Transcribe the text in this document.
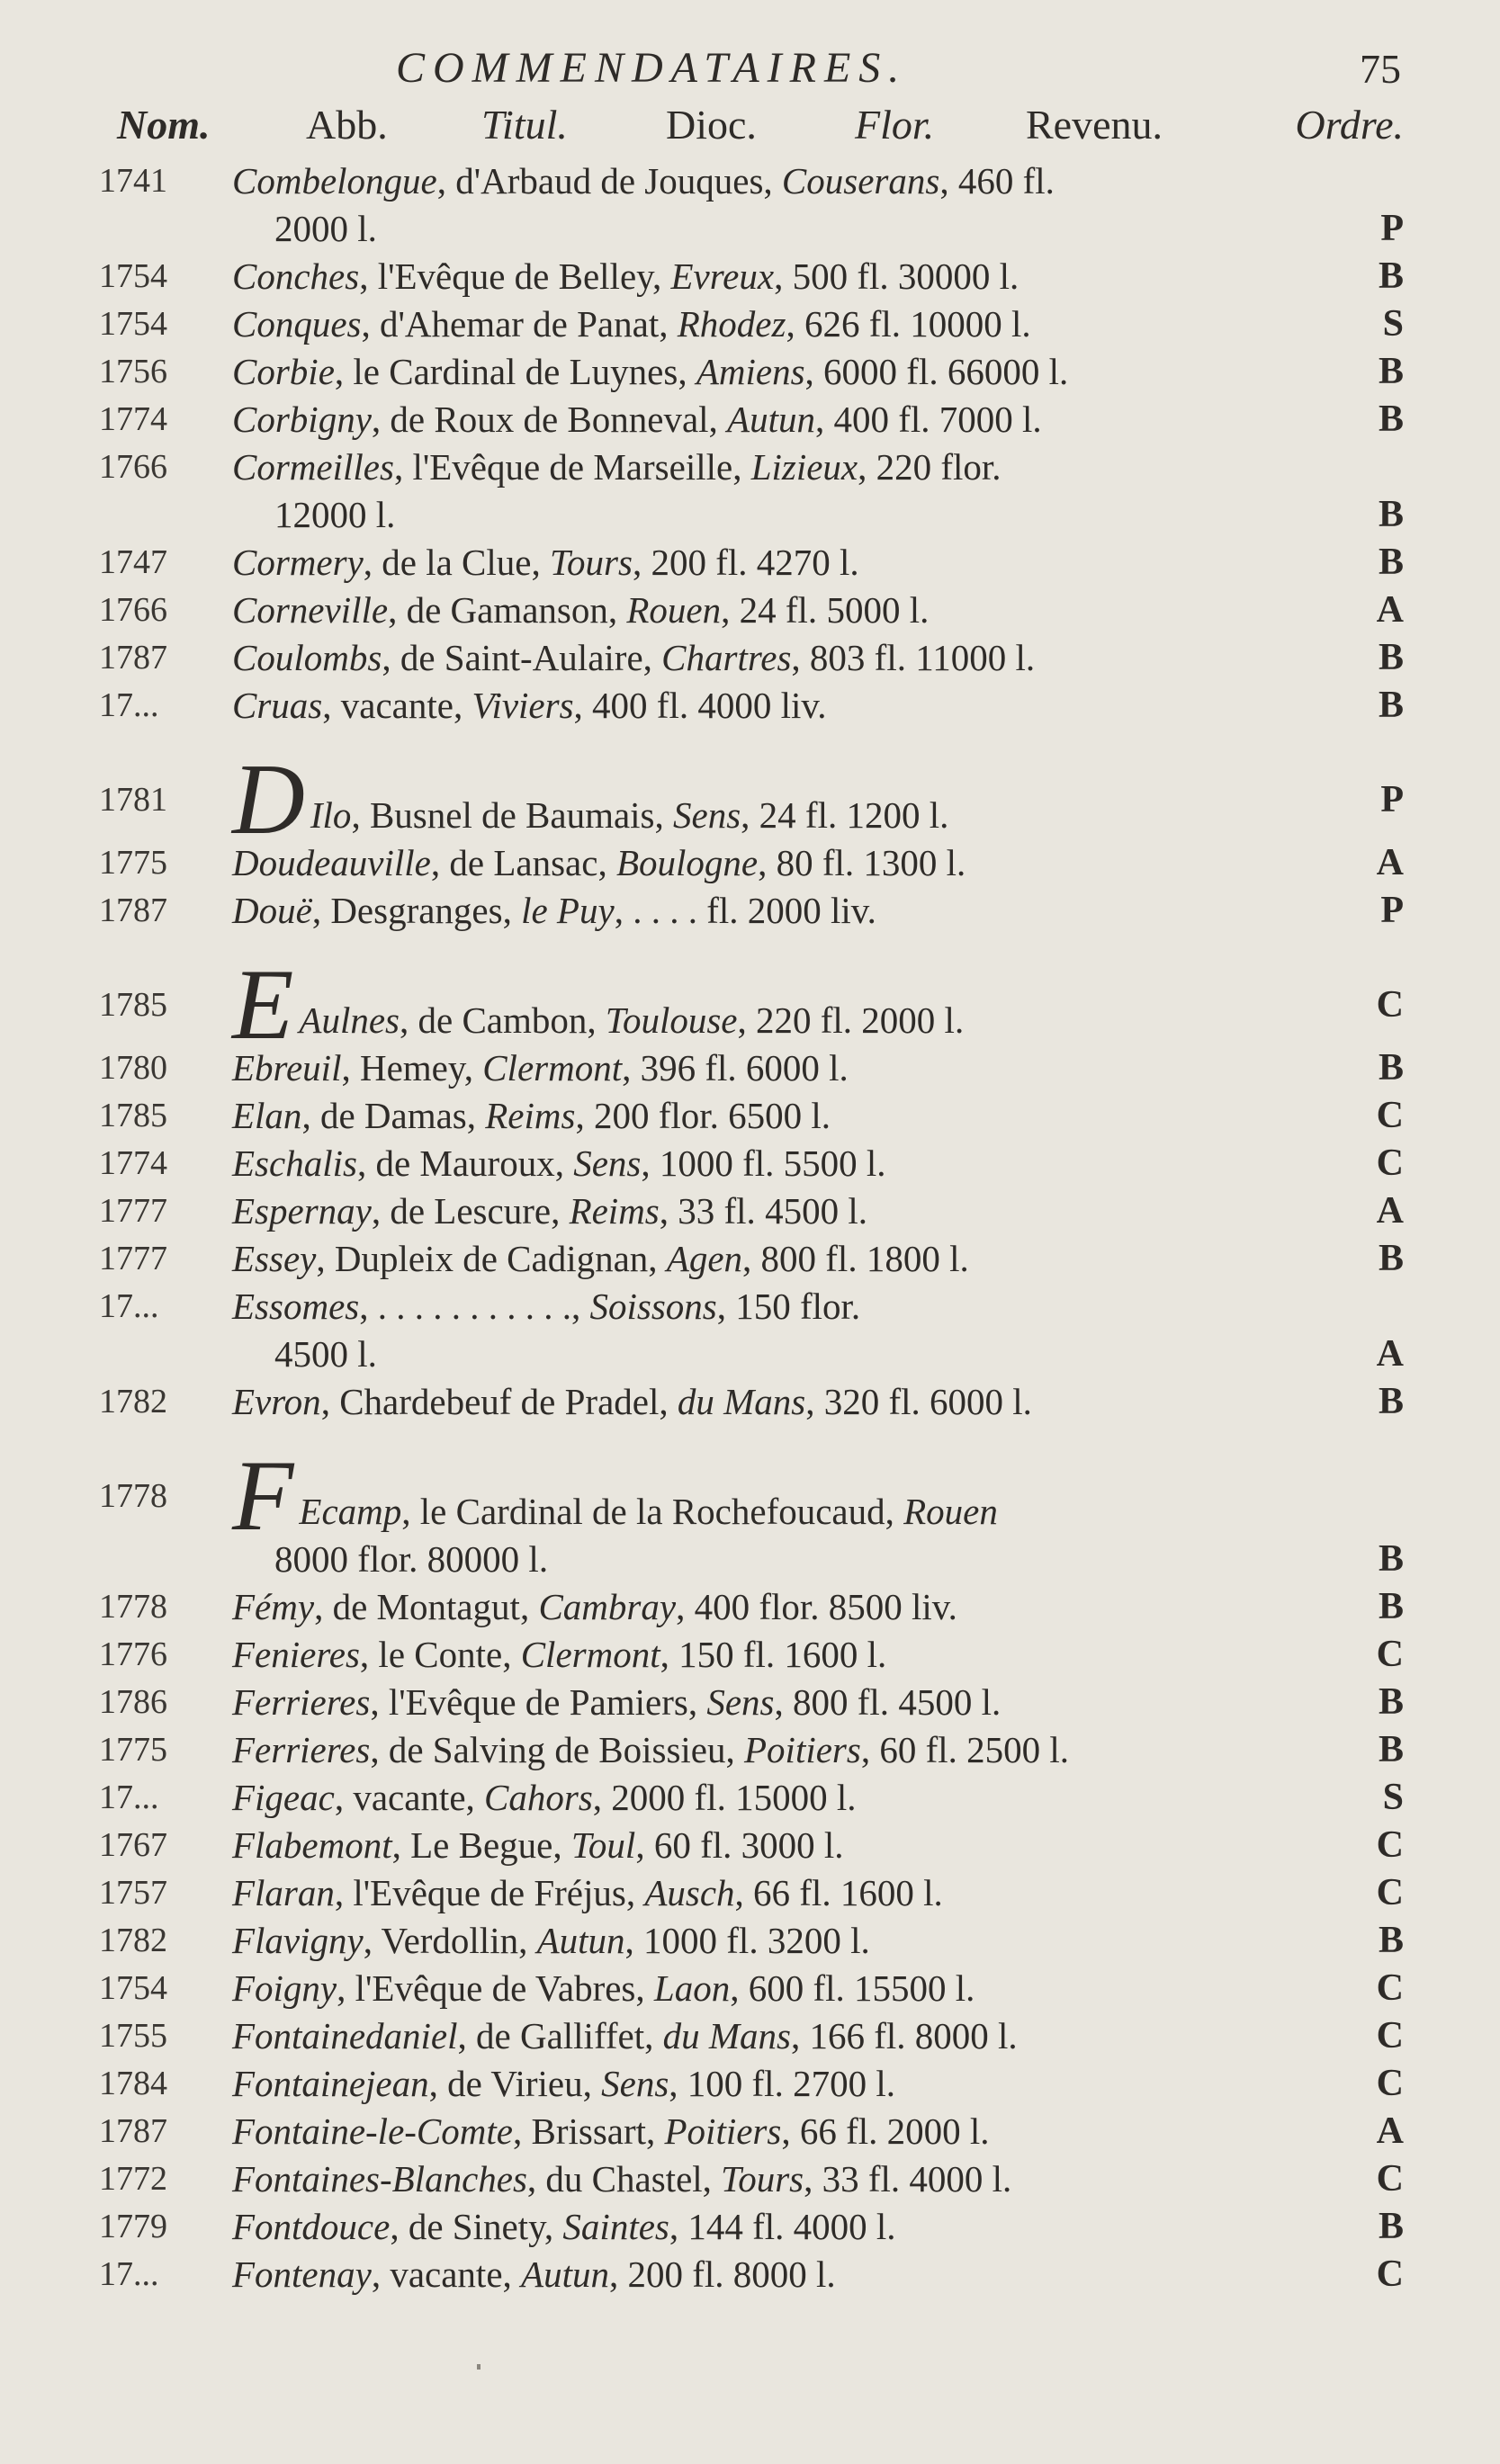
COMMENDATAIRES.	75
Nom. Abb. Titul. Dioc. Flor. Revenu.	Ordre.
1741	Combelongue, d'Arbaud de Jouques, Couserans, 460 fl.
2000 l.	P
1754	Conches, l'Evêque de Belley, Evreux, 500 fl. 30000 l.	B
1754	Conques, d'Ahemar de Panat, Rhodez, 626 fl. 10000 l.	S
1756	Corbie, le Cardinal de Luynes, Amiens, 6000 fl. 66000 l.	B
1774	Corbigny, de Roux de Bonneval, Autun, 400 fl. 7000 l.	B
1766	Cormeilles, l'Evêque de Marseille, Lizieux, 220 flor.
12000 l.	B
1747	Cormery, de la Clue, Tours, 200 fl. 4270 l.	B
1766	Corneville, de Gamanson, Rouen, 24 fl. 5000 l.	A
1787	Coulombs, de Saint-Aulaire, Chartres, 803 fl. 11000 l.	B
17...	Cruas, vacante, Viviers, 400 fl. 4000 liv.	B
1781 D Ilo, Busnel de Baumais, Sens, 24 fl. 1200 l.	P
1775	Doudeauville, de Lansac, Boulogne, 80 fl. 1300 l.	A
1787	Douë, Desgranges, le Puy, . . . . fl. 2000 liv.	P
1785 E Aulnes, de Cambon, Toulouse, 220 fl. 2000 l.	C
1780	Ebreuil, Hemey, Clermont, 396 fl. 6000 l.	B
1785	Elan, de Damas, Reims, 200 flor. 6500 l.	C
1774	Eschalis, de Mauroux, Sens, 1000 fl. 5500 l.	C
1777	Espernay, de Lescure, Reims, 33 fl. 4500 l.	A
1777	Essey, Dupleix de Cadignan, Agen, 800 fl. 1800 l.	B
17...	Essomes, . . . . . . . . . . ., Soissons, 150 flor.
4500 l.	A
1782	Evron, Chardebeuf de Pradel, du Mans, 320 fl. 6000 l.	B
1778 F Ecamp, le Cardinal de la Rochefoucaud, Rouen
8000 flor. 80000 l.	B
1778	Fémy, de Montagut, Cambray, 400 flor. 8500 liv.	B
1776	Fenieres, le Conte, Clermont, 150 fl. 1600 l.	C
1786	Ferrieres, l'Evêque de Pamiers, Sens, 800 fl. 4500 l.	B
1775	Ferrieres, de Salving de Boissieu, Poitiers, 60 fl. 2500 l.	B
17...	Figeac, vacante, Cahors, 2000 fl. 15000 l.	S
1767	Flabemont, Le Begue, Toul, 60 fl. 3000 l.	C
1757	Flaran, l'Evêque de Fréjus, Ausch, 66 fl. 1600 l.	C
1782	Flavigny, Verdollin, Autun, 1000 fl. 3200 l.	B
1754	Foigny, l'Evêque de Vabres, Laon, 600 fl. 15500 l.	C
1755	Fontainedaniel, de Galliffet, du Mans, 166 fl. 8000 l.	C
1784	Fontainejean, de Virieu, Sens, 100 fl. 2700 l.	C
1787	Fontaine-le-Comte, Brissart, Poitiers, 66 fl. 2000 l.	A
1772	Fontaines-Blanches, du Chastel, Tours, 33 fl. 4000 l.	C
1779	Fontdouce, de Sinety, Saintes, 144 fl. 4000 l.	B
17...	Fontenay, vacante, Autun, 200 fl. 8000 l.	C
